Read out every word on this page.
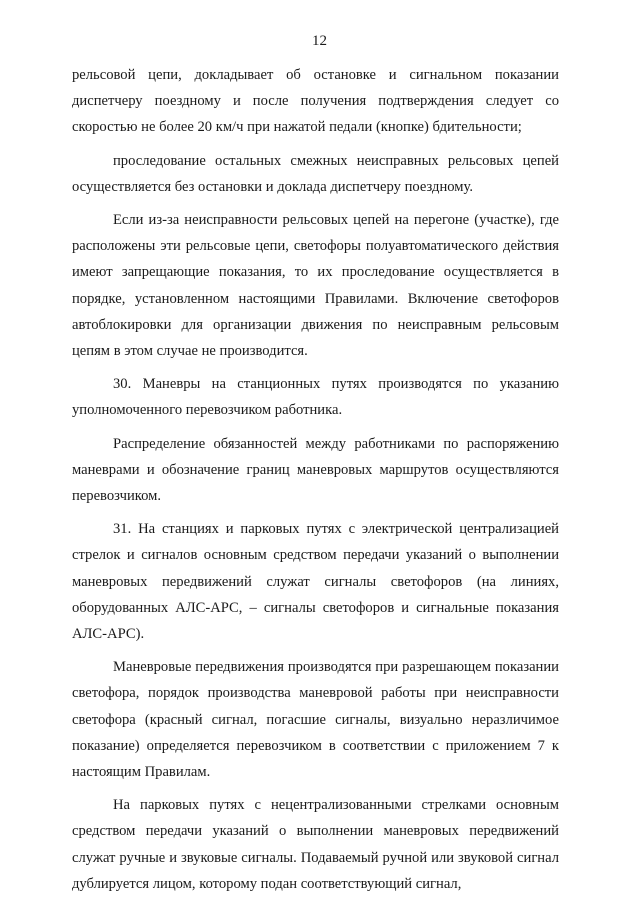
12

рельсовой цепи, докладывает об остановке и сигнальном показании диспетчеру поездному и после получения подтверждения следует со скоростью не более 20 км/ч при нажатой педали (кнопке) бдительности;

проследование остальных смежных неисправных рельсовых цепей осуществляется без остановки и доклада диспетчеру поездному.

Если из-за неисправности рельсовых цепей на перегоне (участке), где расположены эти рельсовые цепи, светофоры полуавтоматического действия имеют запрещающие показания, то их проследование осуществляется в порядке, установленном настоящими Правилами. Включение светофоров автоблокировки для организации движения по неисправным рельсовым цепям в этом случае не производится.

30. Маневры на станционных путях производятся по указанию уполномоченного перевозчиком работника.

Распределение обязанностей между работниками по распоряжению маневрами и обозначение границ маневровых маршрутов осуществляются перевозчиком.

31. На станциях и парковых путях с электрической централизацией стрелок и сигналов основным средством передачи указаний о выполнении маневровых передвижений служат сигналы светофоров (на линиях, оборудованных АЛС-АРС, – сигналы светофоров и сигнальные показания АЛС-АРС).

Маневровые передвижения производятся при разрешающем показании светофора, порядок производства маневровой работы при неисправности светофора (красный сигнал, погасшие сигналы, визуально неразличимое показание) определяется перевозчиком в соответствии с приложением 7 к настоящим Правилам.

На парковых путях с нецентрализованными стрелками основным средством передачи указаний о выполнении маневровых передвижений служат ручные и звуковые сигналы. Подаваемый ручной или звуковой сигнал дублируется лицом, которому подан соответствующий сигнал,
